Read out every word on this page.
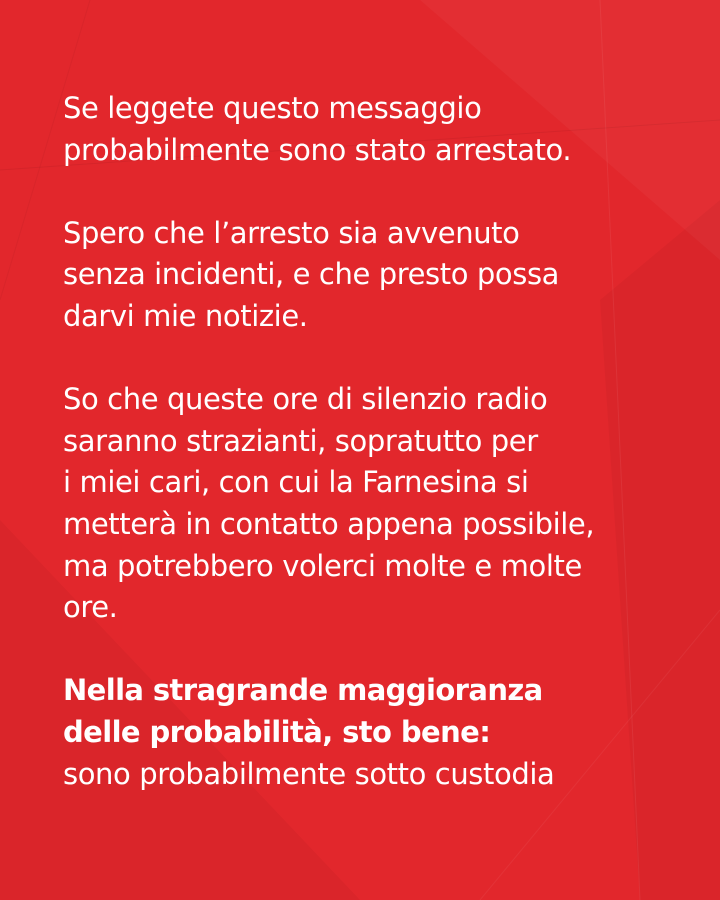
Se leggete questo messaggio
probabilmente sono stato arrestato.

Spero che l’arresto sia avvenuto
senza incidenti, e che presto possa
darvi mie notizie.

So che queste ore di silenzio radio
saranno strazianti, sopratutto per
i miei cari, con cui la Farnesina si
metterà in contatto appena possibile,
ma potrebbero volerci molte e molte
ore.

Nella stragrande maggioranza
delle probabilità, sto bene:
sono probabilmente sotto custodia
